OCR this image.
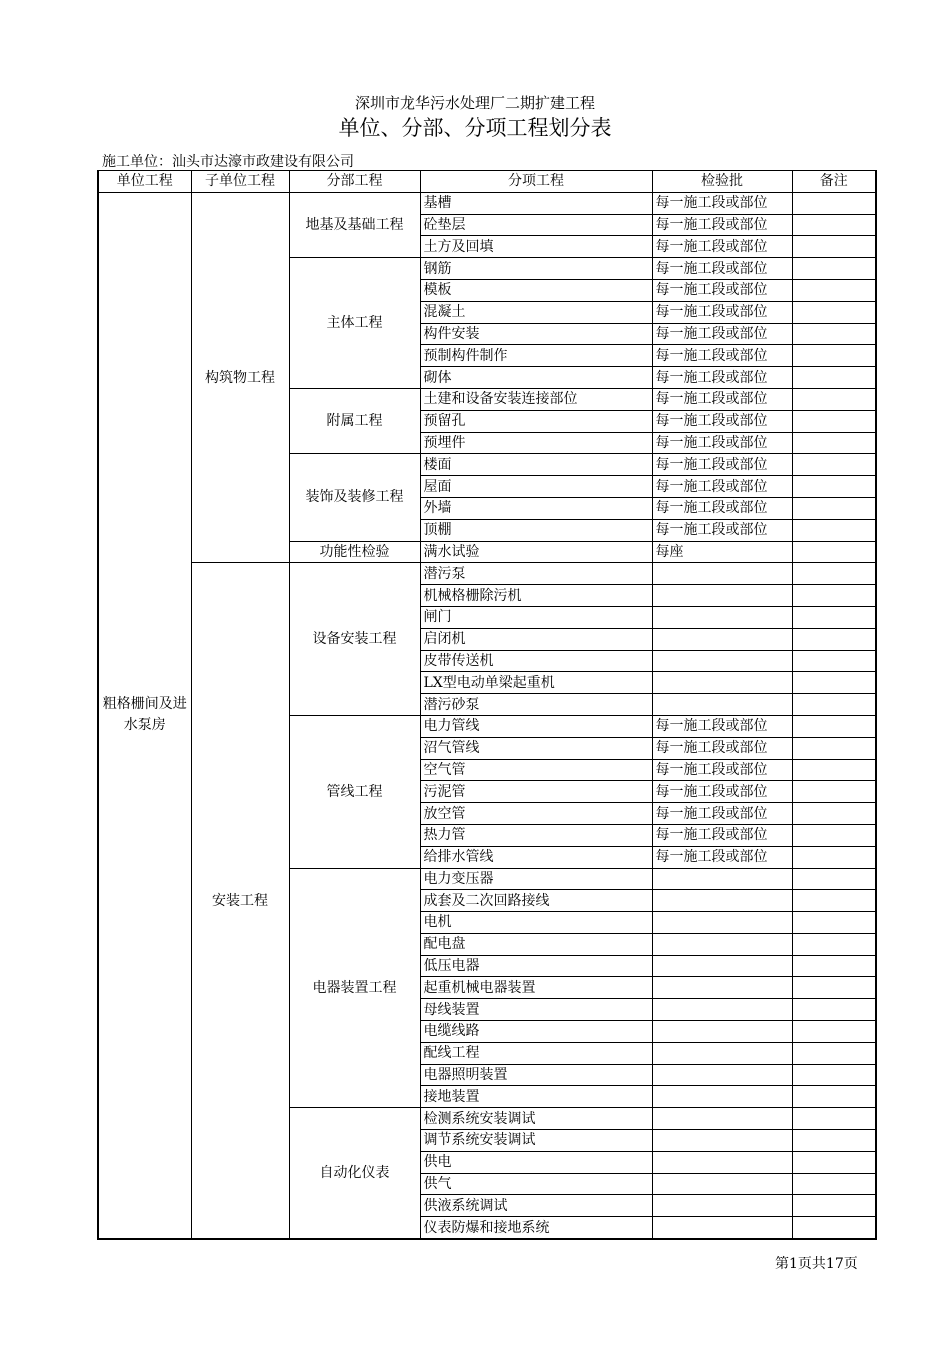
深圳市龙华污水处理厂二期扩建工程
单位、分部、分项工程划分表
施工单位：汕头市达濠市政建设有限公司
单位工程	子单位工程	分部工程	分项工程	检验批	备注
粗格栅间及进水泵房	构筑物工程	地基及基础工程	基槽	每一施工段或部位	
			砼垫层	每一施工段或部位	
			土方及回填	每一施工段或部位	
		主体工程	钢筋	每一施工段或部位	
			模板	每一施工段或部位	
			混凝土	每一施工段或部位	
			构件安装	每一施工段或部位	
			预制构件制作	每一施工段或部位	
			砌体	每一施工段或部位	
		附属工程	土建和设备安装连接部位	每一施工段或部位	
			预留孔	每一施工段或部位	
			预埋件	每一施工段或部位	
		装饰及装修工程	楼面	每一施工段或部位	
			屋面	每一施工段或部位	
			外墙	每一施工段或部位	
			顶棚	每一施工段或部位	
		功能性检验	满水试验	每座	
	安装工程	设备安装工程	潜污泵		
			机械格栅除污机		
			闸门		
			启闭机		
			皮带传送机		
			LX型电动单梁起重机		
			潜污砂泵		
		管线工程	电力管线	每一施工段或部位	
			沼气管线	每一施工段或部位	
			空气管	每一施工段或部位	
			污泥管	每一施工段或部位	
			放空管	每一施工段或部位	
			热力管	每一施工段或部位	
			给排水管线	每一施工段或部位	
		电器装置工程	电力变压器		
			成套及二次回路接线		
			电机		
			配电盘		
			低压电器		
			起重机械电器装置		
			母线装置		
			电缆线路		
			配线工程		
			电器照明装置		
			接地装置		
		自动化仪表	检测系统安装调试		
			调节系统安装调试		
			供电		
			供气		
			供液系统调试		
			仪表防爆和接地系统		
第1页共17页
